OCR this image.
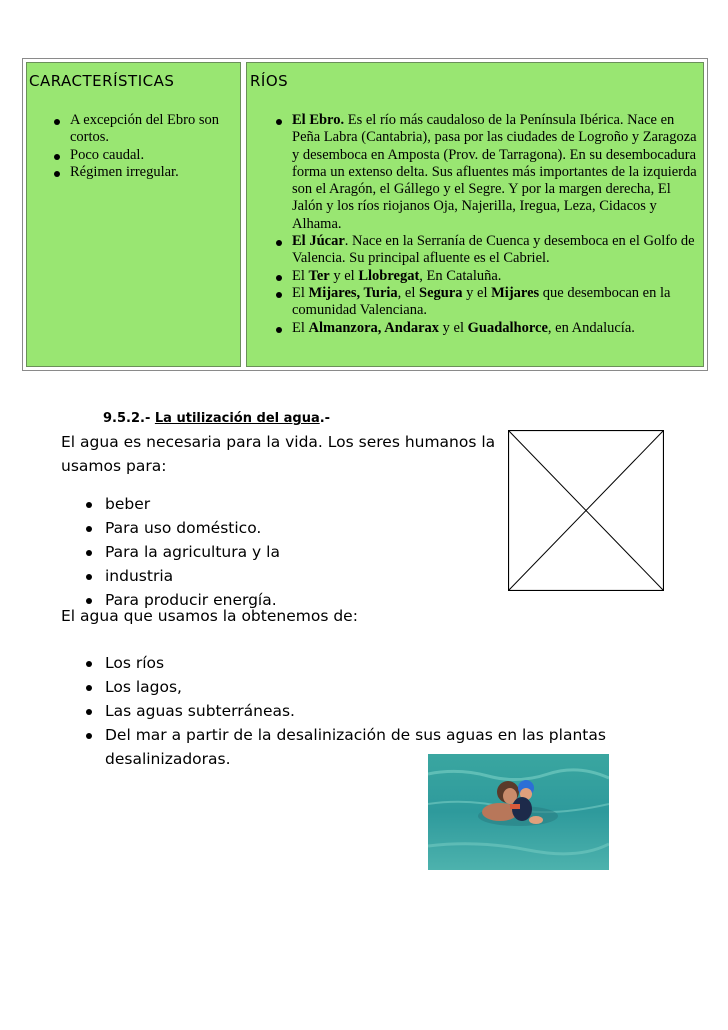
CARACTERÍSTICAS
A excepción del Ebro son cortos.
Poco caudal.
Régimen irregular.
RÍOS
El Ebro. Es el río más caudaloso de la Península Ibérica. Nace en Peña Labra (Cantabria), pasa por las ciudades de Logroño y Zaragoza y desemboca en Amposta (Prov. de Tarragona). En su desembocadura forma un extenso delta. Sus afluentes más importantes de la izquierda son el Aragón, el Gállego y el Segre. Y por la margen derecha, El Jalón y los ríos riojanos Oja, Najerilla, Iregua, Leza, Cidacos y Alhama.
El Júcar. Nace en la Serranía de Cuenca y desemboca en el Golfo de Valencia. Su principal afluente es el Cabriel.
El Ter y el Llobregat, En Cataluña.
El Mijares, Turia, el Segura y el Mijares que desembocan en la comunidad Valenciana.
El Almanzora, Andarax y el Guadalhorce, en Andalucía.
9.5.2.- La utilización del agua.-
El agua es necesaria para la vida. Los seres humanos la
usamos para:
beber
Para uso doméstico.
Para la agricultura y la
industria
Para producir energía.
El agua que usamos la obtenemos de:
Los ríos
Los lagos,
Las aguas subterráneas.
Del mar a partir de la desalinización de sus aguas en las plantas desalinizadoras.
